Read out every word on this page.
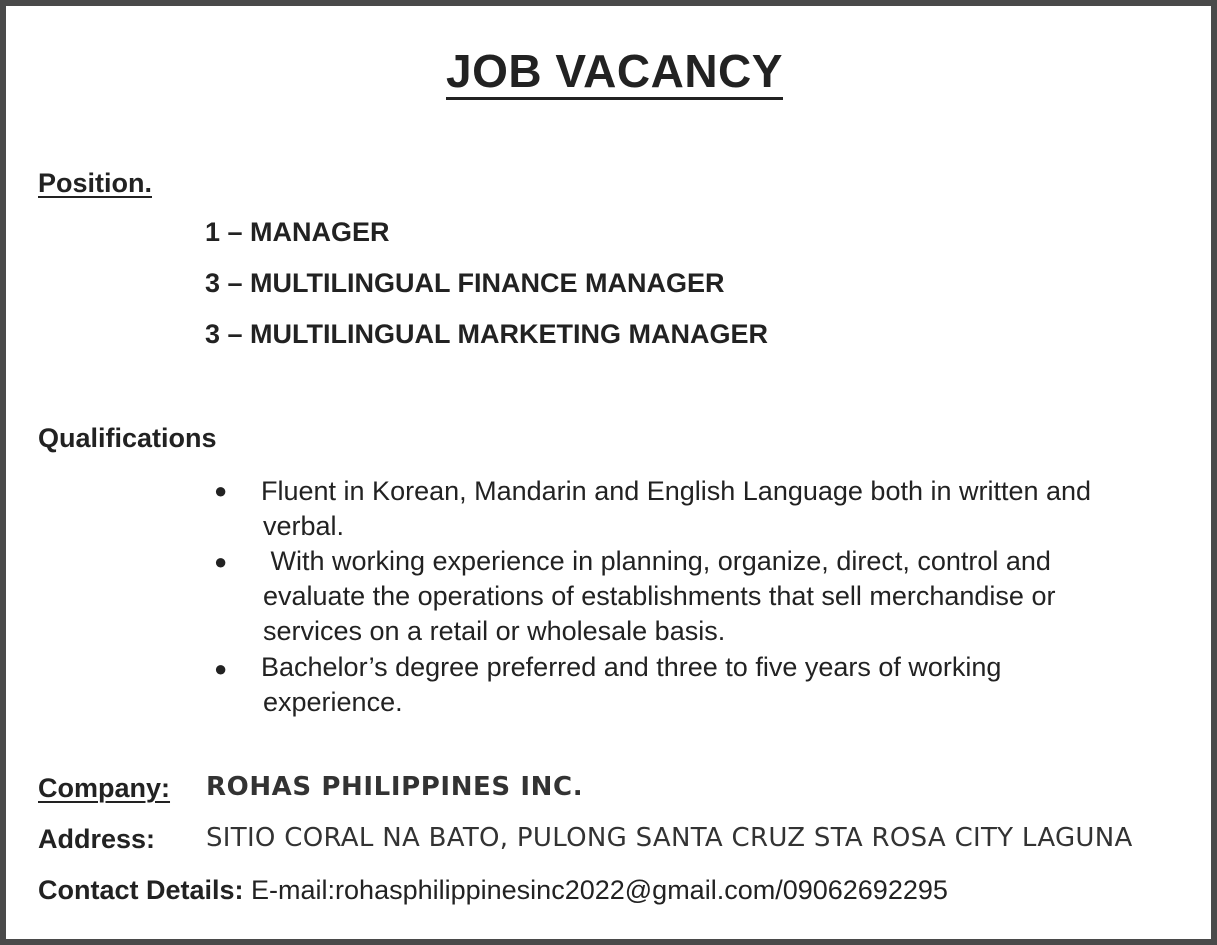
JOB VACANCY
Position.
1 – MANAGER
3 – MULTILINGUAL FINANCE MANAGER
3 – MULTILINGUAL MARKETING MANAGER
Qualifications
● Fluent in Korean, Mandarin and English Language both in written and
verbal.
● With working experience in planning, organize, direct, control and
evaluate the operations of establishments that sell merchandise or
services on a retail or wholesale basis.
● Bachelor’s degree preferred and three to five years of working
experience.
Company: ROHAS PHILIPPINES INC.
Address: SITIO CORAL NA BATO, PULONG SANTA CRUZ STA ROSA CITY LAGUNA
Contact Details: E-mail:rohasphilippinesinc2022@gmail.com/09062692295
